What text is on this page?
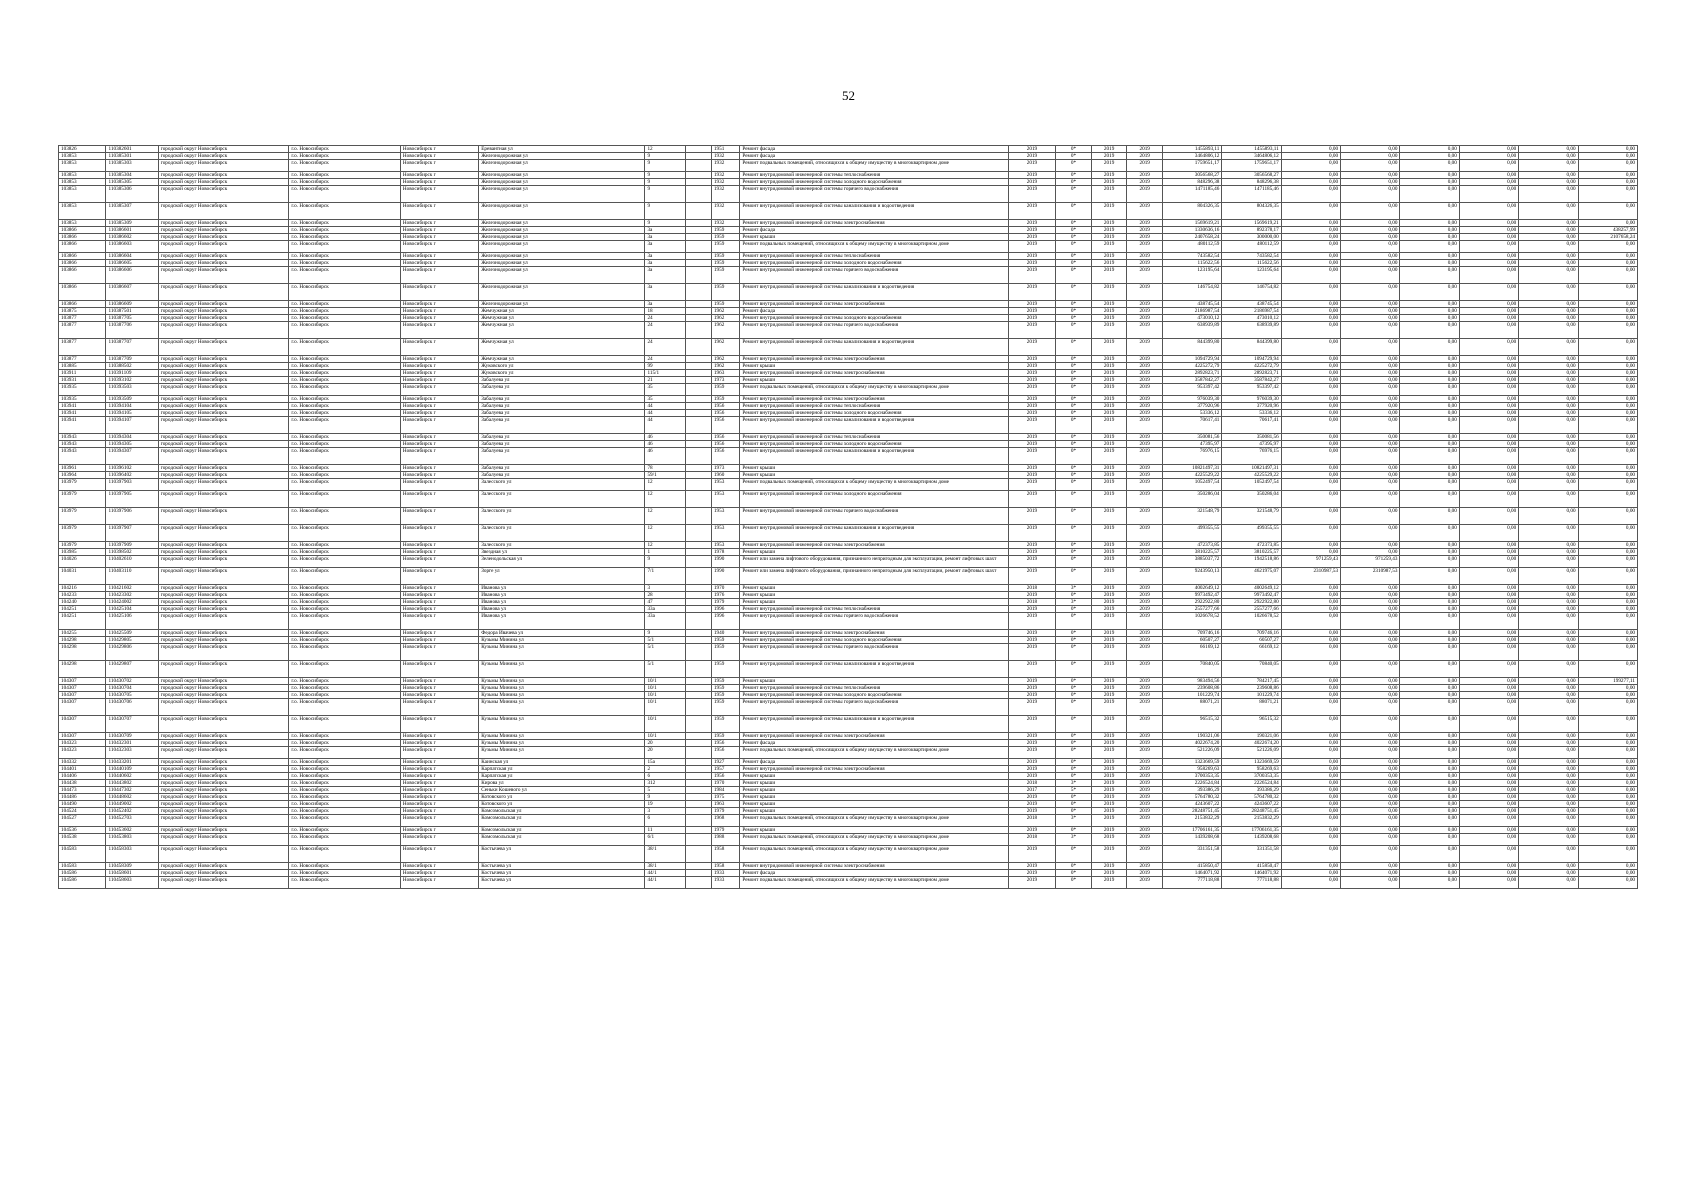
52
103826	110382601	городской округ Новосибирск	г.о. Новосибирск	Новосибирск г	Еревантная ул	12		1951	Ремонт фасада	2019	0*	2019	2019	1455893,11	1455893,11	0,00	0,00	0,00	0,00	0,00	0,00
103853	110385301	городской округ Новосибирск	г.о. Новосибирск	Новосибирск г	Железнодорожная ул	9		1932	Ремонт фасада	2019	0*	2019	2019	3464806,12	3464806,12	0,00	0,00	0,00	0,00	0,00	0,00
103853	110385303	городской округ Новосибирск	г.о. Новосибирск	Новосибирск г	Железнодорожная ул	9		1932	Ремонт подвальных помещений, относящихся к общему имуществу в многоквартирном доме	2019	0*	2019	2019	1759651,17	1759651,17	0,00	0,00	0,00	0,00	0,00	0,00
103853	110385304	городской округ Новосибирск	г.о. Новосибирск	Новосибирск г	Железнодорожная ул	9		1932	Ремонт внутридомовой инженерной системы теплоснабжения	2019	0*	2019	2019	3056568,27	3056568,27	0,00	0,00	0,00	0,00	0,00	0,00
103853	110385305	городской округ Новосибирск	г.о. Новосибирск	Новосибирск г	Железнодорожная ул	9		1932	Ремонт внутридомовой инженерной системы холодного водоснабжения	2019	0*	2019	2019	848296,38	848296,38	0,00	0,00	0,00	0,00	0,00	0,00
103853	110385306	городской округ Новосибирск	г.о. Новосибирск	Новосибирск г	Железнодорожная ул	9		1932	Ремонт внутридомовой инженерной системы горячего водоснабжения	2019	0*	2019	2019	1471185,46	1471185,46	0,00	0,00	0,00	0,00	0,00	0,00
103853	110385307	городской округ Новосибирск	г.о. Новосибирск	Новосибирск г	Железнодорожная ул	9		1932	Ремонт внутридомовой инженерной системы канализования и водоотведения	2019	0*	2019	2019	804326,35	804326,35	0,00	0,00	0,00	0,00	0,00	0,00
103853	110385309	городской округ Новосибирск	г.о. Новосибирск	Новосибирск г	Железнодорожная ул	9		1932	Ремонт внутридомовой инженерной системы электроснабжения	2019	0*	2019	2019	1569619,21	1569619,21	0,00	0,00	0,00	0,00	0,00	0,00
103866	110386601	городской округ Новосибирск	г.о. Новосибирск	Новосибирск г	Железнодорожная ул	3а		1959	Ремонт фасада	2019	0*	2019	2019	1330636,16	892378,17	0,00	0,00	0,00	0,00	0,00	438257,99
103866	110386602	городской округ Новосибирск	г.о. Новосибирск	Новосибирск г	Железнодорожная ул	3а		1959	Ремонт крыши	2019	0*	2019	2019	2407658,24	300000,00	0,00	0,00	0,00	0,00	0,00	2107658,24
103866	110386603	городской округ Новосибирск	г.о. Новосибирск	Новосибирск г	Железнодорожная ул	3а		1959	Ремонт подвальных помещений, относящихся к общему имуществу в многоквартирном доме	2019	0*	2019	2019	480112,59	480112,59	0,00	0,00	0,00	0,00	0,00	0,00
103866	110386604	городской округ Новосибирск	г.о. Новосибирск	Новосибирск г	Железнодорожная ул	3а		1959	Ремонт внутридомовой инженерной системы теплоснабжения	2019	0*	2019	2019	743582,54	743582,54	0,00	0,00	0,00	0,00	0,00	0,00
103866	110386605	городской округ Новосибирск	г.о. Новосибирск	Новосибирск г	Железнодорожная ул	3а		1959	Ремонт внутридомовой инженерной системы холодного водоснабжения	2019	0*	2019	2019	115622,56	115622,56	0,00	0,00	0,00	0,00	0,00	0,00
103866	110386606	городской округ Новосибирск	г.о. Новосибирск	Новосибирск г	Железнодорожная ул	3а		1959	Ремонт внутридомовой инженерной системы горячего водоснабжения	2019	0*	2019	2019	123195,64	123195,64	0,00	0,00	0,00	0,00	0,00	0,00
103866	110386607	городской округ Новосибирск	г.о. Новосибирск	Новосибирск г	Железнодорожная ул	3а		1959	Ремонт внутридомовой инженерной системы канализования и водоотведения	2019	0*	2019	2019	146754,82	146754,82	0,00	0,00	0,00	0,00	0,00	0,00
103866	110386609	городской округ Новосибирск	г.о. Новосибирск	Новосибирск г	Железнодорожная ул	3а		1959	Ремонт внутридомовой инженерной системы электроснабжения	2019	0*	2019	2019	438745,54	438745,54	0,00	0,00	0,00	0,00	0,00	0,00
103875	110387501	городской округ Новосибирск	г.о. Новосибирск	Новосибирск г	Жемчужная ул	18		1962	Ремонт фасада	2019	0*	2019	2019	2186987,54	2186987,54	0,00	0,00	0,00	0,00	0,00	0,00
103877	110387705	городской округ Новосибирск	г.о. Новосибирск	Новосибирск г	Жемчужная ул	24		1962	Ремонт внутридомовой инженерной системы холодного водоснабжения	2019	0*	2019	2019	473010,12	473010,12	0,00	0,00	0,00	0,00	0,00	0,00
103877	110387706	городской округ Новосибирск	г.о. Новосибирск	Новосибирск г	Жемчужная ул	24		1962	Ремонт внутридомовой инженерной системы горячего водоснабжения	2019	0*	2019	2019	638939,89	638939,89	0,00	0,00	0,00	0,00	0,00	0,00
103877	110387707	городской округ Новосибирск	г.о. Новосибирск	Новосибирск г	Жемчужная ул	24		1962	Ремонт внутридомовой инженерной системы канализования и водоотведения	2019	0*	2019	2019	844399,80	844399,80	0,00	0,00	0,00	0,00	0,00	0,00
103877	110387709	городской округ Новосибирск	г.о. Новосибирск	Новосибирск г	Жемчужная ул	24		1962	Ремонт внутридомовой инженерной системы электроснабжения	2019	0*	2019	2019	1094729,94	1094729,94	0,00	0,00	0,00	0,00	0,00	0,00
103885	110388502	городской округ Новосибирск	г.о. Новосибирск	Новосибирск г	Жуковского ул	99		1962	Ремонт крыши	2019	0*	2019	2019	4225272,79	4225272,79	0,00	0,00	0,00	0,00	0,00	0,00
103911	110391109	городской округ Новосибирск	г.о. Новосибирск	Новосибирск г	Жуковского ул	115/1		1963	Ремонт внутридомовой инженерной системы электроснабжения	2019	0*	2019	2019	2892823,71	2892823,71	0,00	0,00	0,00	0,00	0,00	0,00
103931	110393102	городской округ Новосибирск	г.о. Новосибирск	Новосибирск г	Забалуева ул	21		1973	Ремонт крыши	2019	0*	2019	2019	3587842,27	3587842,27	0,00	0,00	0,00	0,00	0,00	0,00
103935	110393503	городской округ Новосибирск	г.о. Новосибирск	Новосибирск г	Забалуева ул	35		1959	Ремонт подвальных помещений, относящихся к общему имуществу в многоквартирном доме	2019	0*	2019	2019	953397,42	953397,42	0,00	0,00	0,00	0,00	0,00	0,00
103935	110393509	городской округ Новосибирск	г.о. Новосибирск	Новосибирск г	Забалуева ул	35		1959	Ремонт внутридомовой инженерной системы электроснабжения	2019	0*	2019	2019	976039,30	976039,30	0,00	0,00	0,00	0,00	0,00	0,00
103941	110394104	городской округ Новосибирск	г.о. Новосибирск	Новосибирск г	Забалуева ул	44		1956	Ремонт внутридомовой инженерной системы теплоснабжения	2019	0*	2019	2019	377920,96	377920,96	0,00	0,00	0,00	0,00	0,00	0,00
103941	110394105	городской округ Новосибирск	г.о. Новосибирск	Новосибирск г	Забалуева ул	44		1956	Ремонт внутридомовой инженерной системы холодного водоснабжения	2019	0*	2019	2019	53336,12	53336,12	0,00	0,00	0,00	0,00	0,00	0,00
103941	110394107	городской округ Новосибирск	г.о. Новосибирск	Новосибирск г	Забалуева ул	44		1956	Ремонт внутридомовой инженерной системы канализования и водоотведения	2019	0*	2019	2019	70617,41	70617,41	0,00	0,00	0,00	0,00	0,00	0,00
103943	110394304	городской округ Новосибирск	г.о. Новосибирск	Новосибирск г	Забалуева ул	46		1956	Ремонт внутридомовой инженерной системы теплоснабжения	2019	0*	2019	2019	350081,56	350081,56	0,00	0,00	0,00	0,00	0,00	0,00
103943	110394305	городской округ Новосибирск	г.о. Новосибирск	Новосибирск г	Забалуева ул	46		1956	Ремонт внутридомовой инженерной системы холодного водоснабжения	2019	0*	2019	2019	47395,97	47395,97	0,00	0,00	0,00	0,00	0,00	0,00
103943	110394307	городской округ Новосибирск	г.о. Новосибирск	Новосибирск г	Забалуева ул	46		1956	Ремонт внутридомовой инженерной системы канализования и водоотведения	2019	0*	2019	2019	76976,15	76976,15	0,00	0,00	0,00	0,00	0,00	0,00
103961	110396102	городской округ Новосибирск	г.о. Новосибирск	Новосибирск г	Забалуева ул	78		1973	Ремонт крыши	2019	0*	2019	2019	10821497,31	10821497,31	0,00	0,00	0,00	0,00	0,00	0,00
103964	110396402	городской округ Новосибирск	г.о. Новосибирск	Новосибирск г	Забалуева ул	59/1		1960	Ремонт крыши	2019	0*	2019	2019	4225529,22	4225529,22	0,00	0,00	0,00	0,00	0,00	0,00
103979	110397903	городской округ Новосибирск	г.о. Новосибирск	Новосибирск г	Залесского ул	12		1953	Ремонт подвальных помещений, относящихся к общему имуществу в многоквартирном доме	2019	0*	2019	2019	1052497,54	1052497,54	0,00	0,00	0,00	0,00	0,00	0,00
103979	110397905	городской округ Новосибирск	г.о. Новосибирск	Новосибирск г	Залесского ул	12		1953	Ремонт внутридомовой инженерной системы холодного водоснабжения	2019	0*	2019	2019	350286,04	350286,04	0,00	0,00	0,00	0,00	0,00	0,00
103979	110397906	городской округ Новосибирск	г.о. Новосибирск	Новосибирск г	Залесского ул	12		1953	Ремонт внутридомовой инженерной системы горячего водоснабжения	2019	0*	2019	2019	321548,79	321548,79	0,00	0,00	0,00	0,00	0,00	0,00
103979	110397907	городской округ Новосибирск	г.о. Новосибирск	Новосибирск г	Залесского ул	12		1953	Ремонт внутридомовой инженерной системы канализования и водоотведения	2019	0*	2019	2019	499355,55	499355,55	0,00	0,00	0,00	0,00	0,00	0,00
103979	110397909	городской округ Новосибирск	г.о. Новосибирск	Новосибирск г	Залесского ул	12		1953	Ремонт внутридомовой инженерной системы электроснабжения	2019	0*	2019	2019	472373,85	472373,85	0,00	0,00	0,00	0,00	0,00	0,00
103985	110398502	городской округ Новосибирск	г.о. Новосибирск	Новосибирск г	Звездная ул	1		1978	Ремонт крыши	2019	0*	2019	2019	3810225,57	3810225,57	0,00	0,00	0,00	0,00	0,00	0,00
104026	110402610	городской округ Новосибирск	г.о. Новосибирск	Новосибирск г	Зеленодольская ул	9		1990	Ремонт или замена лифтового оборудования, признанного непригодным для эксплуатации, ремонт лифтовых шахт	2019	0*	2019	2019	3885037,72	1942518,86	971259,43	971259,43	0,00	0,00	0,00	0,00
104031	110403110	городской округ Новосибирск	г.о. Новосибирск	Новосибирск г	Зорге ул	7/1		1990	Ремонт или замена лифтового оборудования, признанного непригодным для эксплуатации, ремонт лифтовых шахт	2019	0*	2019	2019	9243950,13	4621975,07	2310987,53	2310987,53	0,00	0,00	0,00	0,00
104216	110421602	городской округ Новосибирск	г.о. Новосибирск	Новосибирск г	Иванова ул	3		1970	Ремонт крыши	2018	3*	2019	2019	4002649,12	4002649,12	0,00	0,00	0,00	0,00	0,00	0,00
104233	110423302	городской округ Новосибирск	г.о. Новосибирск	Новосибирск г	Иванова ул	28		1976	Ремонт крыши	2019	0*	2019	2019	9973492,47	9973492,47	0,00	0,00	0,00	0,00	0,00	0,00
104240	110424002	городской округ Новосибирск	г.о. Новосибирск	Новосибирск г	Иванова ул	47		1979	Ремонт крыши	2018	3*	2019	2019	2922922,80	2922922,80	0,00	0,00	0,00	0,00	0,00	0,00
104251	110425104	городской округ Новосибирск	г.о. Новосибирск	Новосибирск г	Иванова ул	33а		1996	Ремонт внутридомовой инженерной системы теплоснабжения	2019	0*	2019	2019	2557277,66	2557277,66	0,00	0,00	0,00	0,00	0,00	0,00
104251	110425106	городской округ Новосибирск	г.о. Новосибирск	Новосибирск г	Иванова ул	33а		1996	Ремонт внутридомовой инженерной системы горячего водоснабжения	2019	0*	2019	2019	1026678,52	1026678,52	0,00	0,00	0,00	0,00	0,00	0,00
104255	110425509	городской округ Новосибирск	г.о. Новосибирск	Новосибирск г	Федора Ивачева ул	9		1940	Ремонт внутридомовой инженерной системы электроснабжения	2019	0*	2019	2019	709746,16	709746,16	0,00	0,00	0,00	0,00	0,00	0,00
104298	110429805	городской округ Новосибирск	г.о. Новосибирск	Новосибирск г	Кузьмы Минина ул	5/1		1959	Ремонт внутридомовой инженерной системы холодного водоснабжения	2019	0*	2019	2019	60507,27	60507,27	0,00	0,00	0,00	0,00	0,00	0,00
104298	110429806	городской округ Новосибирск	г.о. Новосибирск	Новосибирск г	Кузьмы Минина ул	5/1		1959	Ремонт внутридомовой инженерной системы горячего водоснабжения	2019	0*	2019	2019	66169,12	66169,12	0,00	0,00	0,00	0,00	0,00	0,00
104298	110429807	городской округ Новосибирск	г.о. Новосибирск	Новосибирск г	Кузьмы Минина ул	5/1		1959	Ремонт внутридомовой инженерной системы канализования и водоотведения	2019	0*	2019	2019	70840,05	70840,05	0,00	0,00	0,00	0,00	0,00	0,00
104307	110430702	городской округ Новосибирск	г.о. Новосибирск	Новосибирск г	Кузьмы Минина ул	10/1		1959	Ремонт крыши	2019	0*	2019	2019	983494,56	784217,45	0,00	0,00	0,00	0,00	0,00	199277,11
104307	110430704	городской округ Новосибирск	г.о. Новосибирск	Новосибирск г	Кузьмы Минина ул	10/1		1959	Ремонт внутридомовой инженерной системы теплоснабжения	2019	0*	2019	2019	239608,86	239608,86	0,00	0,00	0,00	0,00	0,00	0,00
104307	110430705	городской округ Новосибирск	г.о. Новосибирск	Новосибирск г	Кузьмы Минина ул	10/1		1959	Ремонт внутридомовой инженерной системы холодного водоснабжения	2019	0*	2019	2019	101229,74	101229,74	0,00	0,00	0,00	0,00	0,00	0,00
104307	110430706	городской округ Новосибирск	г.о. Новосибирск	Новосибирск г	Кузьмы Минина ул	10/1		1959	Ремонт внутридомовой инженерной системы горячего водоснабжения	2019	0*	2019	2019	88071,21	88071,21	0,00	0,00	0,00	0,00	0,00	0,00
104307	110430707	городской округ Новосибирск	г.о. Новосибирск	Новосибирск г	Кузьмы Минина ул	10/1		1959	Ремонт внутридомовой инженерной системы канализования и водоотведения	2019	0*	2019	2019	96515,32	96515,32	0,00	0,00	0,00	0,00	0,00	0,00
104307	110430709	городской округ Новосибирск	г.о. Новосибирск	Новосибирск г	Кузьмы Минина ул	10/1		1959	Ремонт внутридомовой инженерной системы электроснабжения	2019	0*	2019	2019	190321,06	190321,06	0,00	0,00	0,00	0,00	0,00	0,00
104323	110432301	городской округ Новосибирск	г.о. Новосибирск	Новосибирск г	Кузьмы Минина ул	20		1956	Ремонт фасада	2019	0*	2019	2019	4022674,20	4022674,20	0,00	0,00	0,00	0,00	0,00	0,00
104323	110432303	городской округ Новосибирск	г.о. Новосибирск	Новосибирск г	Кузьмы Минина ул	20		1956	Ремонт подвальных помещений, относящихся к общему имуществу в многоквартирном доме	2019	0*	2019	2019	521226,09	521226,09	0,00	0,00	0,00	0,00	0,00	0,00
104332	110433201	городской округ Новосибирск	г.о. Новосибирск	Новосибирск г	Каинская ул	15а		1927	Ремонт фасада	2019	0*	2019	2019	1323669,59	1323669,59	0,00	0,00	0,00	0,00	0,00	0,00
104401	110440109	городской округ Новосибирск	г.о. Новосибирск	Новосибирск г	Карпатская ул	2		1957	Ремонт внутридомовой инженерной системы электроснабжения	2019	0*	2019	2019	958269,63	958269,63	0,00	0,00	0,00	0,00	0,00	0,00
104406	110440602	городской округ Новосибирск	г.о. Новосибирск	Новосибирск г	Карпатская ул	6		1956	Ремонт крыши	2019	0*	2019	2019	3700353,35	3700353,35	0,00	0,00	0,00	0,00	0,00	0,00
104438	110443802	городской округ Новосибирск	г.о. Новосибирск	Новосибирск г	Кирова ул	312		1970	Ремонт крыши	2018	3*	2019	2019	2226524,84	2226524,84	0,00	0,00	0,00	0,00	0,00	0,00
104473	110447302	городской округ Новосибирск	г.о. Новосибирск	Новосибирск г	Сеньки Кошевого ул	5		1984	Ремонт крыши	2017	5*	2019	2019	393386,29	393386,29	0,00	0,00	0,00	0,00	0,00	0,00
104486	110448602	городской округ Новосибирск	г.о. Новосибирск	Новосибирск г	Котовского ул	9		1975	Ремонт крыши	2019	0*	2019	2019	5764780,32	5764780,32	0,00	0,00	0,00	0,00	0,00	0,00
104490	110449002	городской округ Новосибирск	г.о. Новосибирск	Новосибирск г	Котовского ул	19		1963	Ремонт крыши	2019	0*	2019	2019	4243607,22	4243607,22	0,00	0,00	0,00	0,00	0,00	0,00
104524	110452402	городской округ Новосибирск	г.о. Новосибирск	Новосибирск г	Комсомольская ул	3		1979	Ремонт крыши	2019	0*	2019	2019	28248751,45	28248751,45	0,00	0,00	0,00	0,00	0,00	0,00
104527	110452703	городской округ Новосибирск	г.о. Новосибирск	Новосибирск г	Комсомольская ул	6		1968	Ремонт подвальных помещений, относящихся к общему имуществу в многоквартирном доме	2018	3*	2019	2019	2153832,29	2153832,29	0,00	0,00	0,00	0,00	0,00	0,00
104536	110453602	городской округ Новосибирск	г.о. Новосибирск	Новосибирск г	Комсомольская ул	11		1979	Ремонт крыши	2019	0*	2019	2019	17706161,35	17706161,35	0,00	0,00	0,00	0,00	0,00	0,00
104538	110453803	городской округ Новосибирск	г.о. Новосибирск	Новосибирск г	Комсомольская ул	6/1		1988	Ремонт подвальных помещений, относящихся к общему имуществу в многоквартирном доме	2018	3*	2019	2019	1439208,68	1439208,68	0,00	0,00	0,00	0,00	0,00	0,00
104583	110458303	городской округ Новосибирск	г.о. Новосибирск	Новосибирск г	Костычева ул	38/1		1958	Ремонт подвальных помещений, относящихся к общему имуществу в многоквартирном доме	2019	0*	2019	2019	331351,58	331351,58	0,00	0,00	0,00	0,00	0,00	0,00
104583	110458309	городской округ Новосибирск	г.о. Новосибирск	Новосибирск г	Костычева ул	38/1		1958	Ремонт внутридомовой инженерной системы электроснабжения	2019	0*	2019	2019	415850,47	415850,47	0,00	0,00	0,00	0,00	0,00	0,00
104586	110458601	городской округ Новосибирск	г.о. Новосибирск	Новосибирск г	Костычева ул	44/1		1933	Ремонт фасада	2019	0*	2019	2019	1464071,92	1464071,92	0,00	0,00	0,00	0,00	0,00	0,00
104586	110458603	городской округ Новосибирск	г.о. Новосибирск	Новосибирск г	Костычева ул	44/1		1933	Ремонт подвальных помещений, относящихся к общему имуществу в многоквартирном доме	2019	0*	2019	2019	777118,88	777118,88	0,00	0,00	0,00	0,00	0,00	0,00
